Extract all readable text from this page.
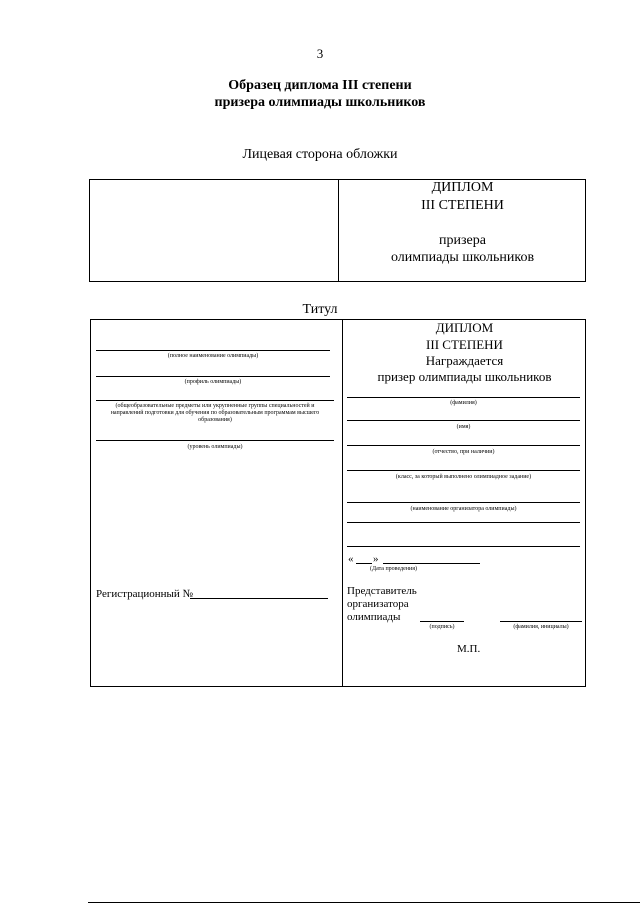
3
Образец диплома III степени
призера олимпиады школьников
Лицевая сторона обложки
ДИПЛОМ
III СТЕПЕНИ
призера
олимпиады школьников
Титул
(полное наименование олимпиады)
(профиль олимпиады)
(общеобразовательные предметы или укрупненные группы специальностей и направлений подготовки для обучения по образовательным программам высшего образования)
(уровень олимпиады)
Регистрационный №
ДИПЛОМ
III СТЕПЕНИ
Награждается
призер олимпиады школьников
(фамилия)
(имя)
(отчество, при наличии)
(класс, за который выполнено олимпиадное задание)
(наименование организатора олимпиады)
« »
(Дата проведения)
Представитель
организатора
олимпиады
(подпись)	(фамилия, инициалы)
М.П.
